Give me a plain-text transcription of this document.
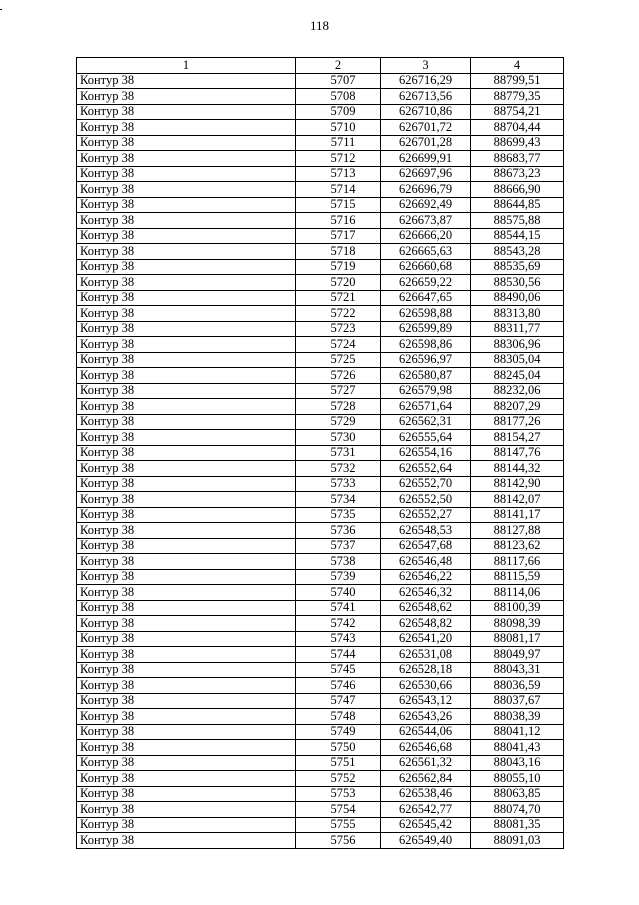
118
1	2	3	4
Контур 38	5707	626716,29	88799,51
Контур 38	5708	626713,56	88779,35
Контур 38	5709	626710,86	88754,21
Контур 38	5710	626701,72	88704,44
Контур 38	5711	626701,28	88699,43
Контур 38	5712	626699,91	88683,77
Контур 38	5713	626697,96	88673,23
Контур 38	5714	626696,79	88666,90
Контур 38	5715	626692,49	88644,85
Контур 38	5716	626673,87	88575,88
Контур 38	5717	626666,20	88544,15
Контур 38	5718	626665,63	88543,28
Контур 38	5719	626660,68	88535,69
Контур 38	5720	626659,22	88530,56
Контур 38	5721	626647,65	88490,06
Контур 38	5722	626598,88	88313,80
Контур 38	5723	626599,89	88311,77
Контур 38	5724	626598,86	88306,96
Контур 38	5725	626596,97	88305,04
Контур 38	5726	626580,87	88245,04
Контур 38	5727	626579,98	88232,06
Контур 38	5728	626571,64	88207,29
Контур 38	5729	626562,31	88177,26
Контур 38	5730	626555,64	88154,27
Контур 38	5731	626554,16	88147,76
Контур 38	5732	626552,64	88144,32
Контур 38	5733	626552,70	88142,90
Контур 38	5734	626552,50	88142,07
Контур 38	5735	626552,27	88141,17
Контур 38	5736	626548,53	88127,88
Контур 38	5737	626547,68	88123,62
Контур 38	5738	626546,48	88117,66
Контур 38	5739	626546,22	88115,59
Контур 38	5740	626546,32	88114,06
Контур 38	5741	626548,62	88100,39
Контур 38	5742	626548,82	88098,39
Контур 38	5743	626541,20	88081,17
Контур 38	5744	626531,08	88049,97
Контур 38	5745	626528,18	88043,31
Контур 38	5746	626530,66	88036,59
Контур 38	5747	626543,12	88037,67
Контур 38	5748	626543,26	88038,39
Контур 38	5749	626544,06	88041,12
Контур 38	5750	626546,68	88041,43
Контур 38	5751	626561,32	88043,16
Контур 38	5752	626562,84	88055,10
Контур 38	5753	626538,46	88063,85
Контур 38	5754	626542,77	88074,70
Контур 38	5755	626545,42	88081,35
Контур 38	5756	626549,40	88091,03
